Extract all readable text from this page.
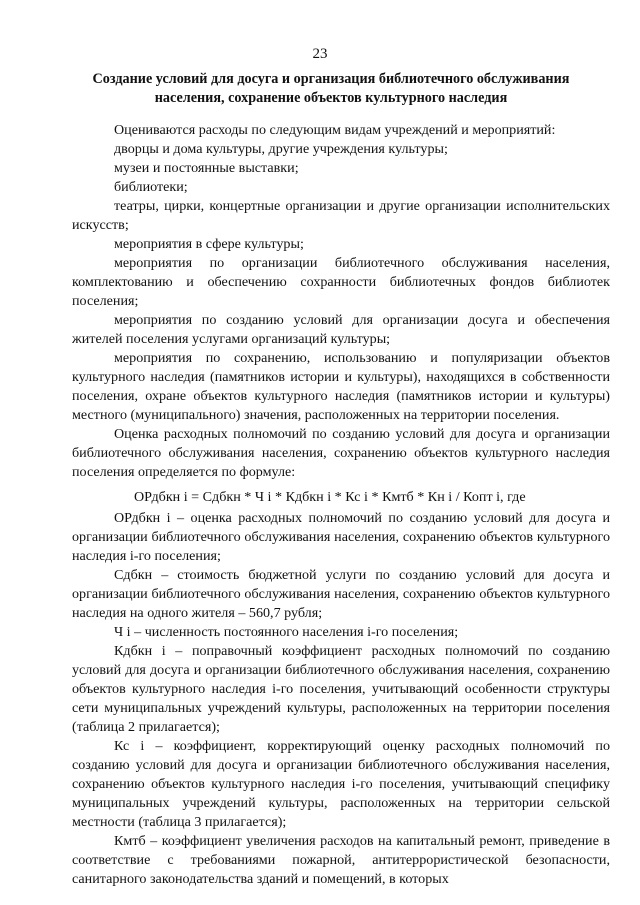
23
Создание условий для досуга и организация библиотечного обслуживания населения, сохранение объектов культурного наследия

Оцениваются расходы по следующим видам учреждений и мероприятий:

дворцы и дома культуры, другие учреждения культуры;

музеи и постоянные выставки;

библиотеки;

театры, цирки, концертные организации и другие организации исполнительских искусств;

мероприятия в сфере культуры;

мероприятия по организации библиотечного обслуживания населения, комплектованию и обеспечению сохранности библиотечных фондов библиотек поселения;

мероприятия по созданию условий для организации досуга и обеспечения жителей поселения услугами организаций культуры;

мероприятия по сохранению, использованию и популяризации объектов культурного наследия (памятников истории и культуры), находящихся в собственности поселения, охране объектов культурного наследия (памятников истории и культуры) местного (муниципального) значения, расположенных на территории поселения.

Оценка расходных полномочий по созданию условий для досуга и организации библиотечного обслуживания населения, сохранению объектов культурного наследия поселения определяется по формуле:

ОРдбкн i = Сдбкн * Ч i * Кдбкн i * Кс i * Кмтб * Кн i / Копт i, где

ОРдбкн i – оценка расходных полномочий по созданию условий для досуга и организации библиотечного обслуживания населения, сохранению объектов культурного наследия i-го поселения;

Сдбкн – стоимость бюджетной услуги по созданию условий для досуга и организации библиотечного обслуживания населения, сохранению объектов культурного наследия на одного жителя – 560,7 рубля;

Ч i – численность постоянного населения i-го поселения;

Кдбкн i – поправочный коэффициент расходных полномочий по созданию условий для досуга и организации библиотечного обслуживания населения, сохранению объектов культурного наследия i-го поселения, учитывающий особенности структуры сети муниципальных учреждений культуры, расположенных на территории поселения (таблица 2 прилагается);

Кс i – коэффициент, корректирующий оценку расходных полномочий по созданию условий для досуга и организации библиотечного обслуживания населения, сохранению объектов культурного наследия i-го поселения, учитывающий специфику муниципальных учреждений культуры, расположенных на территории сельской местности (таблица 3 прилагается);

Кмтб – коэффициент увеличения расходов на капитальный ремонт, приведение в соответствие с требованиями пожарной, антитеррористической безопасности, санитарного законодательства зданий и помещений, в которых
